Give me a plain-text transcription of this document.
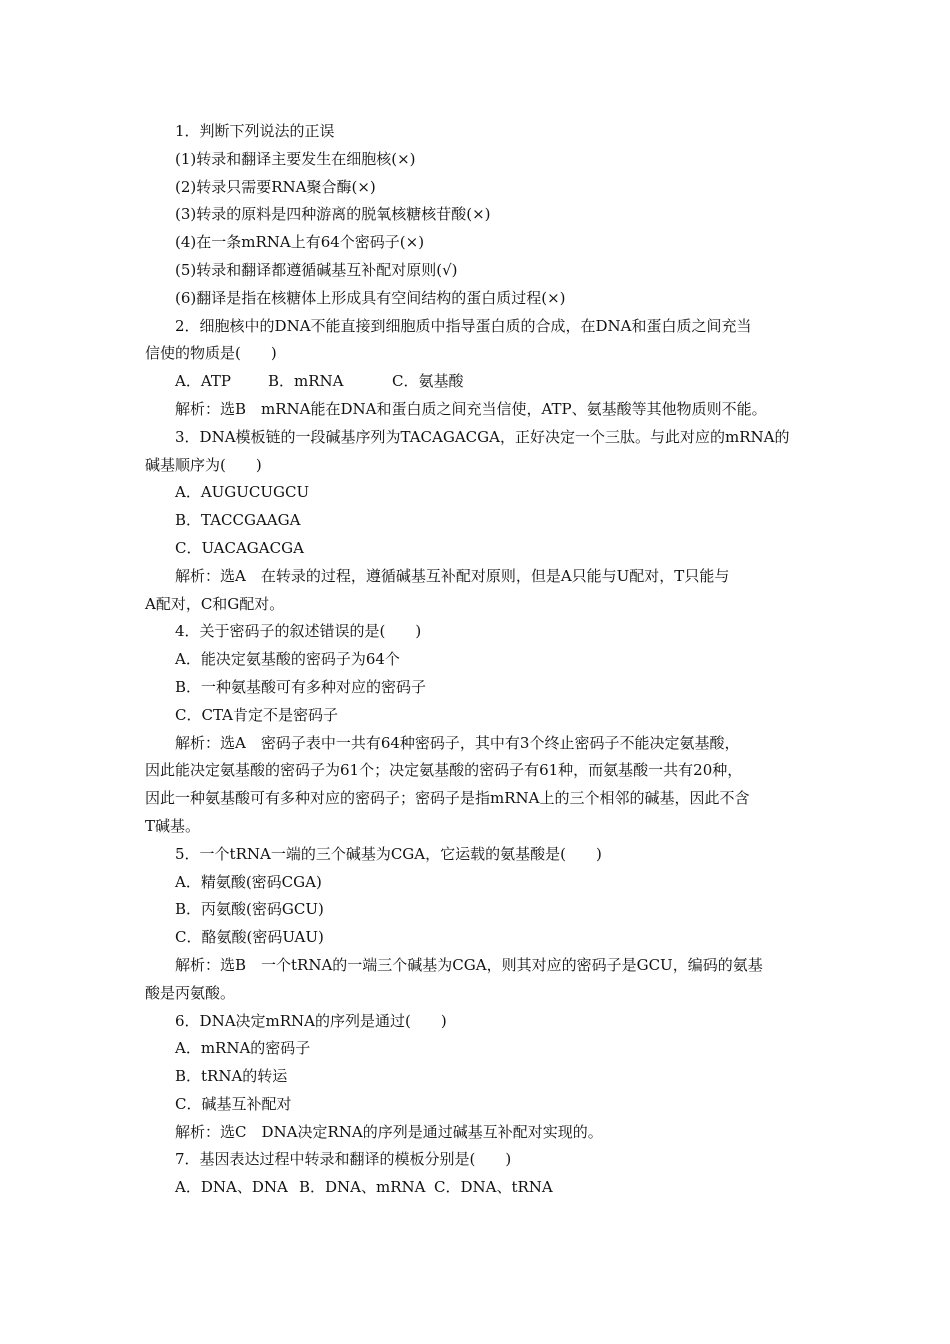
1．判断下列说法的正误
(1)转录和翻译主要发生在细胞核(×)
(2)转录只需要RNA聚合酶(×)
(3)转录的原料是四种游离的脱氧核糖核苷酸(×)
(4)在一条mRNA上有64个密码子(×)
(5)转录和翻译都遵循碱基互补配对原则(√)
(6)翻译是指在核糖体上形成具有空间结构的蛋白质过程(×)
2．细胞核中的DNA不能直接到细胞质中指导蛋白质的合成，在DNA和蛋白质之间充当
信使的物质是(　　)
A．ATP	B．mRNA	C．氨基酸
解析：选B　mRNA能在DNA和蛋白质之间充当信使，ATP、氨基酸等其他物质则不能。
3．DNA模板链的一段碱基序列为TACAGACGA，正好决定一个三肽。与此对应的mRNA的
碱基顺序为(　　)
A．AUGUCUGCU
B．TACCGAAGA
C．UACAGACGA
解析：选A　在转录的过程，遵循碱基互补配对原则，但是A只能与U配对，T只能与
A配对，C和G配对。
4．关于密码子的叙述错误的是(　　)
A．能决定氨基酸的密码子为64个
B．一种氨基酸可有多种对应的密码子
C．CTA肯定不是密码子
解析：选A　密码子表中一共有64种密码子，其中有3个终止密码子不能决定氨基酸，
因此能决定氨基酸的密码子为61个；决定氨基酸的密码子有61种，而氨基酸一共有20种，
因此一种氨基酸可有多种对应的密码子；密码子是指mRNA上的三个相邻的碱基，因此不含
T碱基。
5．一个tRNA一端的三个碱基为CGA，它运载的氨基酸是(　　)
A．精氨酸(密码CGA)
B．丙氨酸(密码GCU)
C．酪氨酸(密码UAU)
解析：选B　一个tRNA的一端三个碱基为CGA，则其对应的密码子是GCU，编码的氨基
酸是丙氨酸。
6．DNA决定mRNA的序列是通过(　　)
A．mRNA的密码子
B．tRNA的转运
C．碱基互补配对
解析：选C　DNA决定RNA的序列是通过碱基互补配对实现的。
7．基因表达过程中转录和翻译的模板分别是(　　)
A．DNA、DNA B．DNA、mRNA C．DNA、tRNA
